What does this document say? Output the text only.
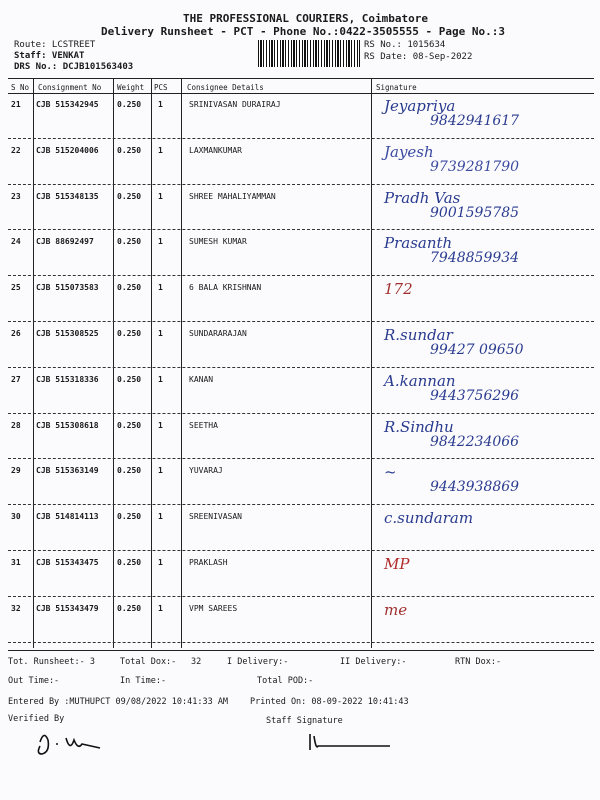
THE PROFESSIONAL COURIERS, Coimbatore
Delivery Runsheet - PCT - Phone No.:0422-3505555 - Page No.:3
Route: LCSTREET
Staff: VENKAT
DRS No.: DCJB101563403
RS No.: 1015634
RS Date: 08-Sep-2022
S No Consignment No Weight PCS	Consignee Details	Signature
21 CJB 515342945 0.250 1	SRINIVASAN DURAIRAJ	Jeyapriya
9842941617
22 CJB 515204006 0.250 1	LAXMANKUMAR	Jayesh
9739281790
23 CJB 515348135 0.250 1	SHREE MAHALIYAMMAN	Pradh Vas
9001595785
24 CJB 88692497	0.250 1	SUMESH KUMAR	Prasanth
7948859934
25 CJB 515073583 0.250 1	6 BALA KRISHNAN	172
26 CJB 515308525 0.250 1	SUNDARARAJAN	R.sundar
99427 09650
27 CJB 515318336 0.250 1	KANAN	A.kannan
9443756296
28 CJB 515308618 0.250 1	SEETHA	R.Sindhu
9842234066
29 CJB 515363149 0.250 1	YUVARAJ	~
9443938869
30 CJB 514814113 0.250 1	SREENIVASAN	c.sundaram
31 CJB 515343475 0.250 1	PRAKLASH	MP
32 CJB 515343479 0.250 1	VPM SAREES	me
Tot. Runsheet:- 3	Total Dox:- 32	I Delivery:-	II Delivery:-	RTN Dox:-
Out Time:-	In Time:-	Total POD:-
Entered By :MUTHUPCT 09/08/2022 10:41:33 AM	Printed On: 08-09-2022 10:41:43
Verified By	Staff Signature
